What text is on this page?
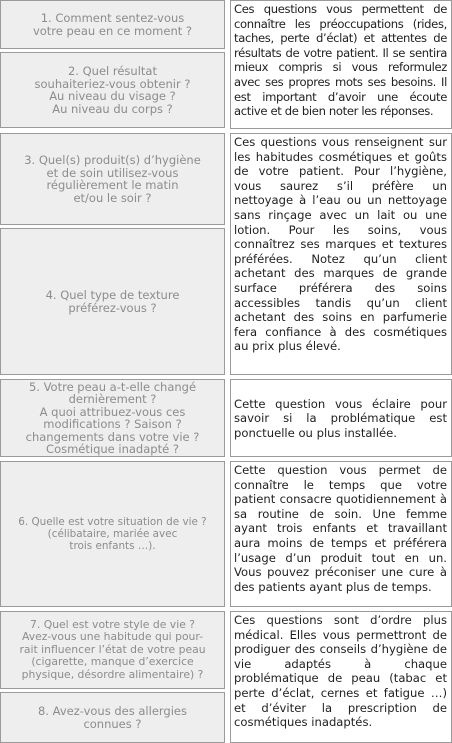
1. Comment sentez-vous
votre peau en ce moment ?
2. Quel résultat
souhaiteriez-vous obtenir ?
Au niveau du visage ?
Au niveau du corps ?

Ces questions vous permettent de connaître les préoccupations (rides, taches, perte d’éclat) et attentes de résultats de votre patient. Il se sentira mieux compris si vous reformulez avec ses propres mots ses besoins. Il est important d’avoir une écoute active et de bien noter les réponses.

3. Quel(s) produit(s) d’hygiène
et de soin utilisez-vous
régulièrement le matin
et/ou le soir ?
4. Quel type de texture
préférez-vous ?

Ces questions vous renseignent sur les habitudes cosmétiques et goûts de votre patient. Pour l’hygiène, vous saurez s’il préfère un nettoyage à l’eau ou un nettoyage sans rinçage avec un lait ou une lotion. Pour les soins, vous connaîtrez ses marques et textures préférées. Notez qu’un client achetant des marques de grande surface préférera des soins accessibles tandis qu’un client achetant des soins en parfumerie fera confiance à des cosmétiques au prix plus élevé.

5. Votre peau a-t-elle changé
dernièrement ?
A quoi attribuez-vous ces
modifications ? Saison ?
changements dans votre vie ?
Cosmétique inadapté ?

Cette question vous éclaire pour savoir si la problématique est ponctuelle ou plus installée.

6. Quelle est votre situation de vie ?
(célibataire, mariée avec
trois enfants …).

Cette question vous permet de connaître le temps que votre patient consacre quotidiennement à sa routine de soin. Une femme ayant trois enfants et travaillant aura moins de temps et préférera l’usage d’un produit tout en un. Vous pouvez préconiser une cure à des patients ayant plus de temps.

7. Quel est votre style de vie ?
Avez-vous une habitude qui pour-
rait influencer l’état de votre peau
(cigarette, manque d’exercice
physique, désordre alimentaire) ?
8. Avez-vous des allergies
connues ?

Ces questions sont d’ordre plus médical. Elles vous permettront de prodiguer des conseils d’hygiène de vie adaptés à chaque problématique de peau (tabac et perte d’éclat, cernes et fatigue …) et d’éviter la prescription de cosmétiques inadaptés.
